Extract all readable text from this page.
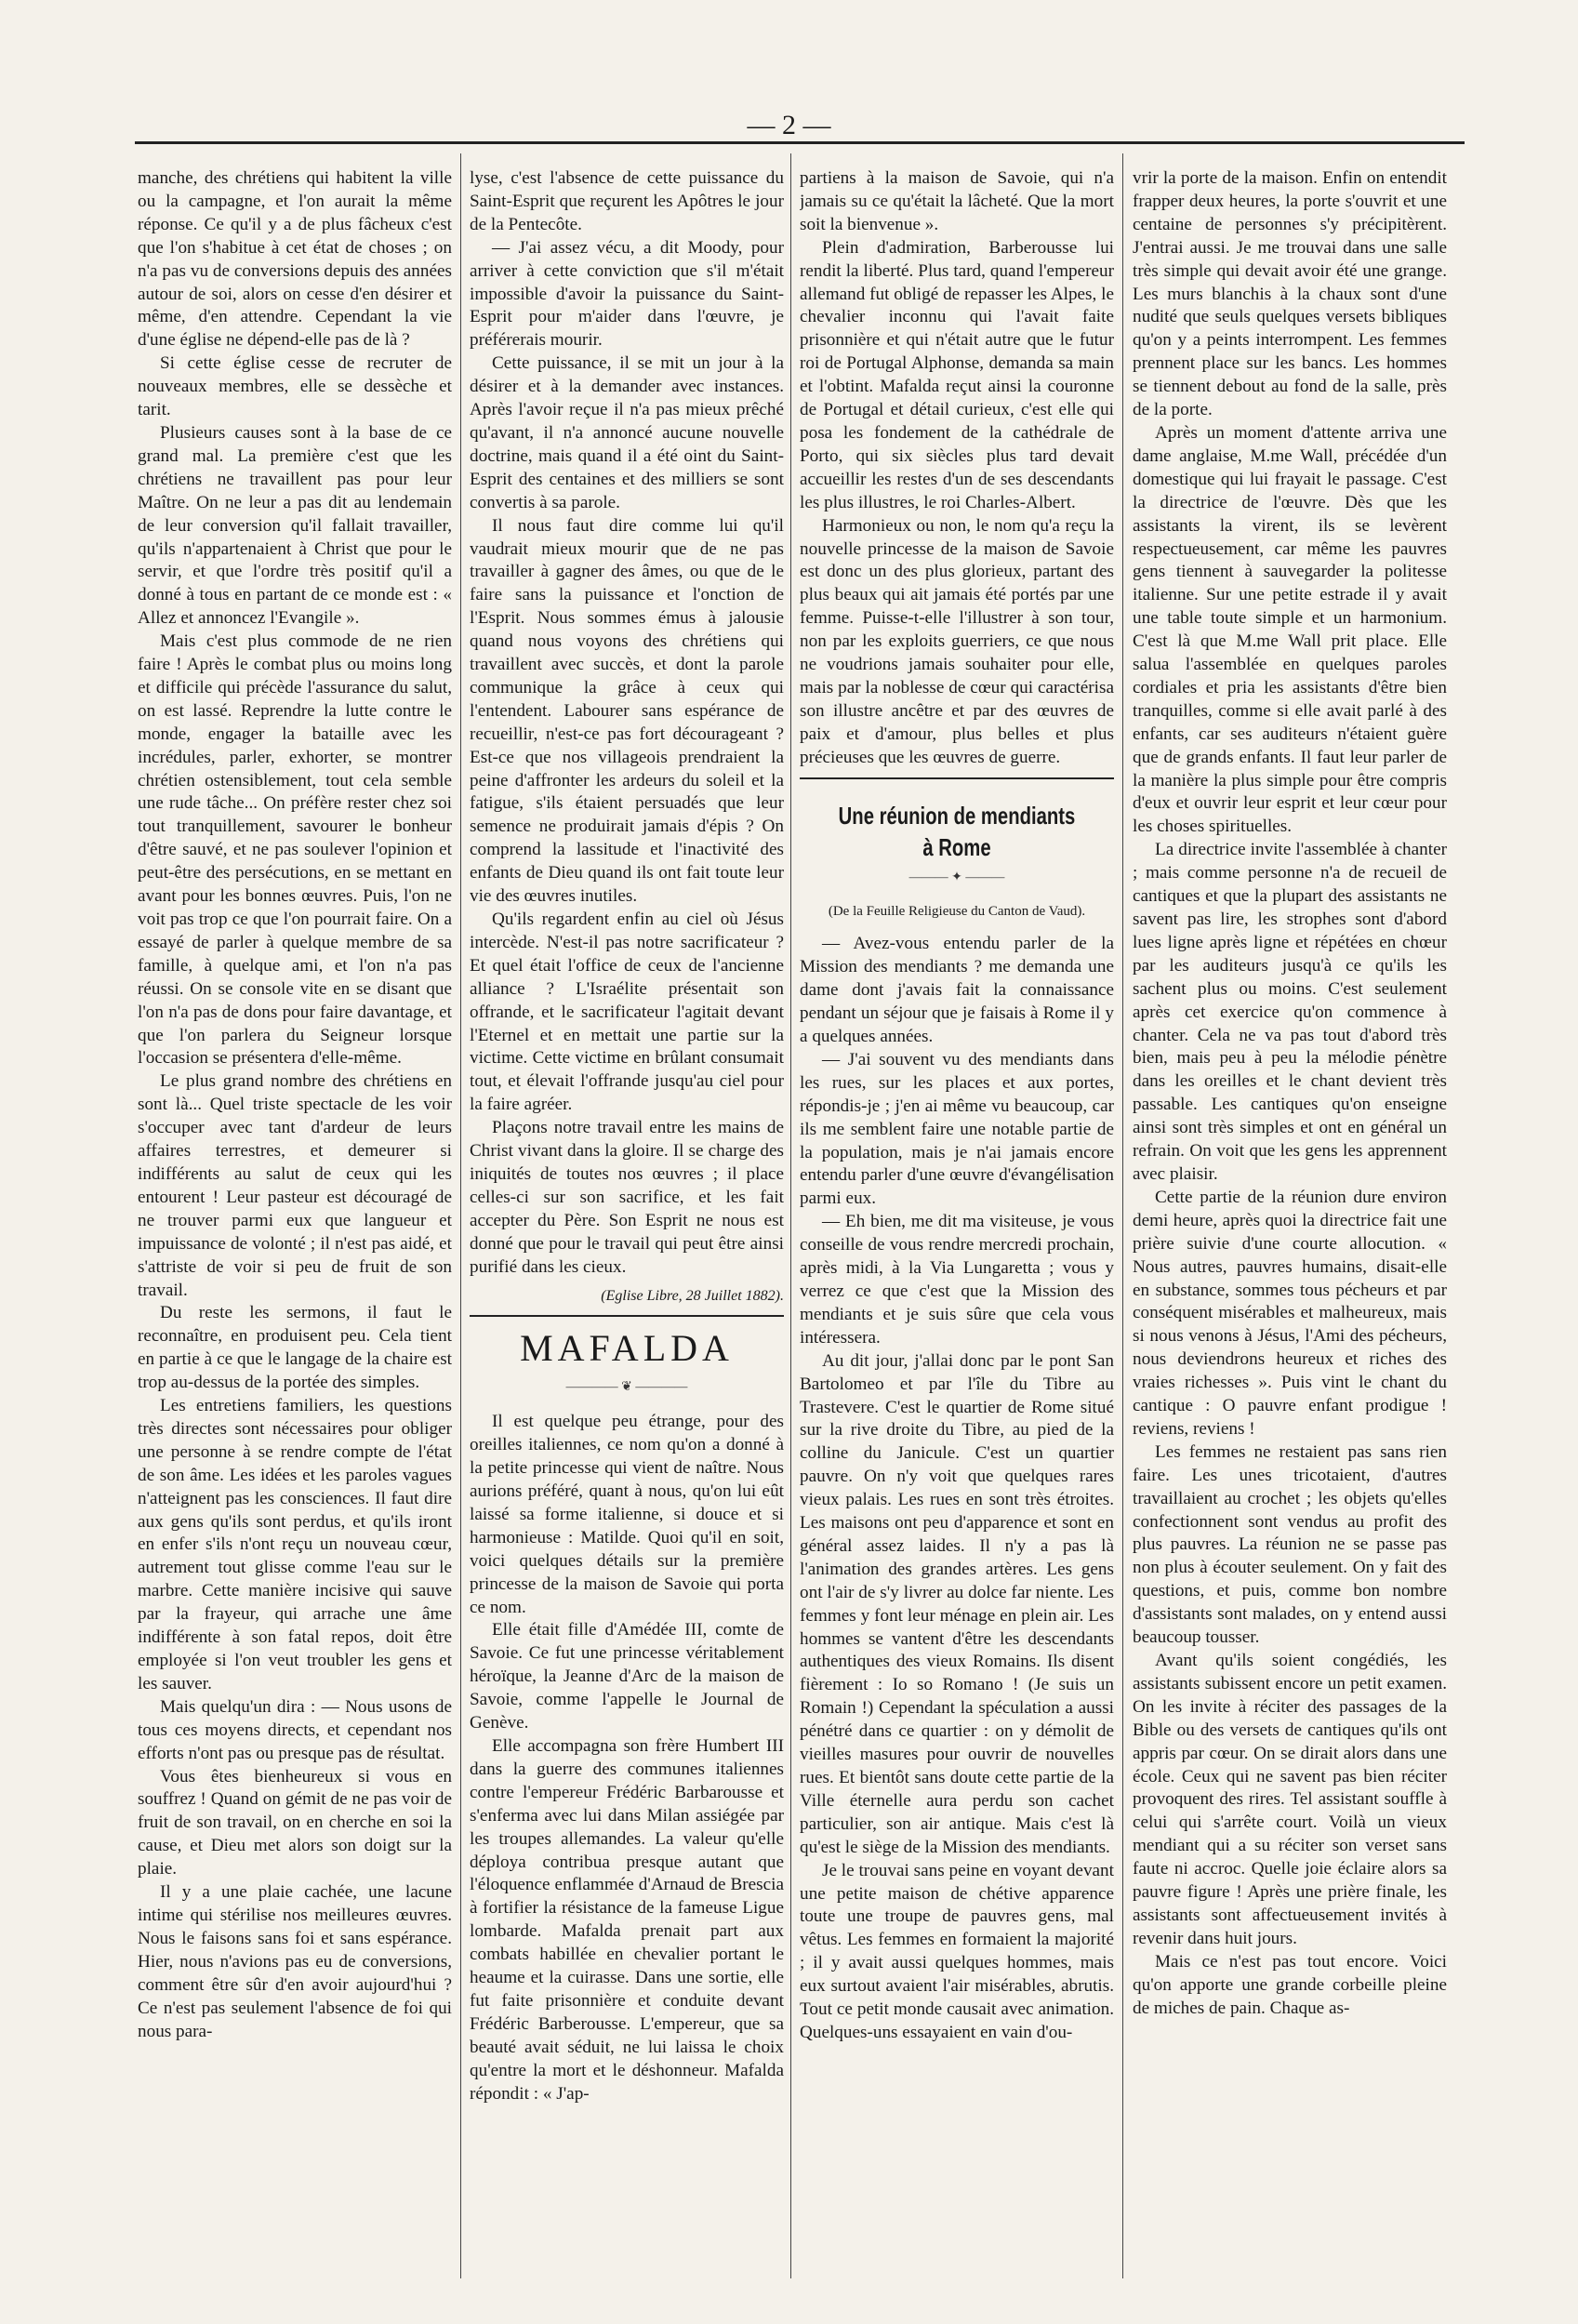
— 2 —

manche, des chrétiens qui habitent la ville ou la campagne, et l'on aurait la même réponse. Ce qu'il y a de plus fâcheux c'est que l'on s'habitue à cet état de choses ; on n'a pas vu de conversions depuis des années autour de soi, alors on cesse d'en désirer et même, d'en attendre. Cependant la vie d'une église ne dépend-elle pas de là ?

Si cette église cesse de recruter de nouveaux membres, elle se dessèche et tarit.

Plusieurs causes sont à la base de ce grand mal. La première c'est que les chrétiens ne travaillent pas pour leur Maître. On ne leur a pas dit au lendemain de leur conversion qu'il fallait travailler, qu'ils n'appartenaient à Christ que pour le servir, et que l'ordre très positif qu'il a donné à tous en partant de ce monde est : « Allez et annoncez l'Evangile ».

Mais c'est plus commode de ne rien faire ! Après le combat plus ou moins long et difficile qui précède l'assurance du salut, on est lassé. Reprendre la lutte contre le monde, engager la bataille avec les incrédules, parler, exhorter, se montrer chrétien ostensiblement, tout cela semble une rude tâche... On préfère rester chez soi tout tranquillement, savourer le bonheur d'être sauvé, et ne pas soulever l'opinion et peut-être des persécutions, en se mettant en avant pour les bonnes œuvres. Puis, l'on ne voit pas trop ce que l'on pourrait faire. On a essayé de parler à quelque membre de sa famille, à quelque ami, et l'on n'a pas réussi. On se console vite en se disant que l'on n'a pas de dons pour faire davantage, et que l'on parlera du Seigneur lorsque l'occasion se présentera d'elle-même.

Le plus grand nombre des chrétiens en sont là... Quel triste spectacle de les voir s'occuper avec tant d'ardeur de leurs affaires terrestres, et demeurer si indifférents au salut de ceux qui les entourent ! Leur pasteur est découragé de ne trouver parmi eux que langueur et impuissance de volonté ; il n'est pas aidé, et s'attriste de voir si peu de fruit de son travail.

Du reste les sermons, il faut le reconnaître, en produisent peu. Cela tient en partie à ce que le langage de la chaire est trop au-dessus de la portée des simples.

Les entretiens familiers, les questions très directes sont nécessaires pour obliger une personne à se rendre compte de l'état de son âme. Les idées et les paroles vagues n'atteignent pas les consciences. Il faut dire aux gens qu'ils sont perdus, et qu'ils iront en enfer s'ils n'ont reçu un nouveau cœur, autrement tout glisse comme l'eau sur le marbre. Cette manière incisive qui sauve par la frayeur, qui arrache une âme indifférente à son fatal repos, doit être employée si l'on veut troubler les gens et les sauver.

Mais quelqu'un dira : — Nous usons de tous ces moyens directs, et cependant nos efforts n'ont pas ou presque pas de résultat.

Vous êtes bienheureux si vous en souffrez ! Quand on gémit de ne pas voir de fruit de son travail, on en cherche en soi la cause, et Dieu met alors son doigt sur la plaie.

Il y a une plaie cachée, une lacune intime qui stérilise nos meilleures œuvres. Nous le faisons sans foi et sans espérance. Hier, nous n'avions pas eu de conversions, comment être sûr d'en avoir aujourd'hui ? Ce n'est pas seulement l'absence de foi qui nous para-

lyse, c'est l'absence de cette puissance du Saint-Esprit que reçurent les Apôtres le jour de la Pentecôte.

— J'ai assez vécu, a dit Moody, pour arriver à cette conviction que s'il m'était impossible d'avoir la puissance du Saint-Esprit pour m'aider dans l'œuvre, je préférerais mourir.

Cette puissance, il se mit un jour à la désirer et à la demander avec instances. Après l'avoir reçue il n'a pas mieux prêché qu'avant, il n'a annoncé aucune nouvelle doctrine, mais quand il a été oint du Saint-Esprit des centaines et des milliers se sont convertis à sa parole.

Il nous faut dire comme lui qu'il vaudrait mieux mourir que de ne pas travailler à gagner des âmes, ou que de le faire sans la puissance et l'onction de l'Esprit. Nous sommes émus à jalousie quand nous voyons des chrétiens qui travaillent avec succès, et dont la parole communique la grâce à ceux qui l'entendent. Labourer sans espérance de recueillir, n'est-ce pas fort décourageant ? Est-ce que nos villageois prendraient la peine d'affronter les ardeurs du soleil et la fatigue, s'ils étaient persuadés que leur semence ne produirait jamais d'épis ? On comprend la lassitude et l'inactivité des enfants de Dieu quand ils ont fait toute leur vie des œuvres inutiles.

Qu'ils regardent enfin au ciel où Jésus intercède. N'est-il pas notre sacrificateur ? Et quel était l'office de ceux de l'ancienne alliance ? L'Israélite présentait son offrande, et le sacrificateur l'agitait devant l'Eternel et en mettait une partie sur la victime. Cette victime en brûlant consumait tout, et élevait l'offrande jusqu'au ciel pour la faire agréer.

Plaçons notre travail entre les mains de Christ vivant dans la gloire. Il se charge des iniquités de toutes nos œuvres ; il place celles-ci sur son sacrifice, et les fait accepter du Père. Son Esprit ne nous est donné que pour le travail qui peut être ainsi purifié dans les cieux.

(Eglise Libre, 28 Juillet 1882).
MAFALDA
———— ❦ ————

Il est quelque peu étrange, pour des oreilles italiennes, ce nom qu'on a donné à la petite princesse qui vient de naître. Nous aurions préféré, quant à nous, qu'on lui eût laissé sa forme italienne, si douce et si harmonieuse : Matilde. Quoi qu'il en soit, voici quelques détails sur la première princesse de la maison de Savoie qui porta ce nom.

Elle était fille d'Amédée III, comte de Savoie. Ce fut une princesse véritablement héroïque, la Jeanne d'Arc de la maison de Savoie, comme l'appelle le Journal de Genève.

Elle accompagna son frère Humbert III dans la guerre des communes italiennes contre l'empereur Frédéric Barbarousse et s'enferma avec lui dans Milan assiégée par les troupes allemandes. La valeur qu'elle déploya contribua presque autant que l'éloquence enflammée d'Arnaud de Brescia à fortifier la résistance de la fameuse Ligue lombarde. Mafalda prenait part aux combats habillée en chevalier portant le heaume et la cuirasse. Dans une sortie, elle fut faite prisonnière et conduite devant Frédéric Barberousse. L'empereur, que sa beauté avait séduit, ne lui laissa le choix qu'entre la mort et le déshonneur. Mafalda répondit : « J'ap-

partiens à la maison de Savoie, qui n'a jamais su ce qu'était la lâcheté. Que la mort soit la bienvenue ».

Plein d'admiration, Barberousse lui rendit la liberté. Plus tard, quand l'empereur allemand fut obligé de repasser les Alpes, le chevalier inconnu qui l'avait faite prisonnière et qui n'était autre que le futur roi de Portugal Alphonse, demanda sa main et l'obtint. Mafalda reçut ainsi la couronne de Portugal et détail curieux, c'est elle qui posa les fondement de la cathédrale de Porto, qui six siècles plus tard devait accueillir les restes d'un de ses descendants les plus illustres, le roi Charles-Albert.

Harmonieux ou non, le nom qu'a reçu la nouvelle princesse de la maison de Savoie est donc un des plus glorieux, partant des plus beaux qui ait jamais été portés par une femme. Puisse-t-elle l'illustrer à son tour, non par les exploits guerriers, ce que nous ne voudrions jamais souhaiter pour elle, mais par la noblesse de cœur qui caractérisa son illustre ancêtre et par des œuvres de paix et d'amour, plus belles et plus précieuses que les œuvres de guerre.

Une réunion de mendiants à Rome
——— ✦ ———
(De la Feuille Religieuse du Canton de Vaud).

— Avez-vous entendu parler de la Mission des mendiants ? me demanda une dame dont j'avais fait la connaissance pendant un séjour que je faisais à Rome il y a quelques années.

— J'ai souvent vu des mendiants dans les rues, sur les places et aux portes, répondis-je ; j'en ai même vu beaucoup, car ils me semblent faire une notable partie de la population, mais je n'ai jamais encore entendu parler d'une œuvre d'évangélisation parmi eux.

— Eh bien, me dit ma visiteuse, je vous conseille de vous rendre mercredi prochain, après midi, à la Via Lungaretta ; vous y verrez ce que c'est que la Mission des mendiants et je suis sûre que cela vous intéressera.

Au dit jour, j'allai donc par le pont San Bartolomeo et par l'île du Tibre au Trastevere. C'est le quartier de Rome situé sur la rive droite du Tibre, au pied de la colline du Janicule. C'est un quartier pauvre. On n'y voit que quelques rares vieux palais. Les rues en sont très étroites. Les maisons ont peu d'apparence et sont en général assez laides. Il n'y a pas là l'animation des grandes artères. Les gens ont l'air de s'y livrer au dolce far niente. Les femmes y font leur ménage en plein air. Les hommes se vantent d'être les descendants authentiques des vieux Romains. Ils disent fièrement : Io so Romano ! (Je suis un Romain !) Cependant la spéculation a aussi pénétré dans ce quartier : on y démolit de vieilles masures pour ouvrir de nouvelles rues. Et bientôt sans doute cette partie de la Ville éternelle aura perdu son cachet particulier, son air antique. Mais c'est là qu'est le siège de la Mission des mendiants.

Je le trouvai sans peine en voyant devant une petite maison de chétive apparence toute une troupe de pauvres gens, mal vêtus. Les femmes en formaient la majorité ; il y avait aussi quelques hommes, mais eux surtout avaient l'air misérables, abrutis. Tout ce petit monde causait avec animation. Quelques-uns essayaient en vain d'ou-

vrir la porte de la maison. Enfin on entendit frapper deux heures, la porte s'ouvrit et une centaine de personnes s'y précipitèrent. J'entrai aussi. Je me trouvai dans une salle très simple qui devait avoir été une grange. Les murs blanchis à la chaux sont d'une nudité que seuls quelques versets bibliques qu'on y a peints interrompent. Les femmes prennent place sur les bancs. Les hommes se tiennent debout au fond de la salle, près de la porte.

Après un moment d'attente arriva une dame anglaise, M.me Wall, précédée d'un domestique qui lui frayait le passage. C'est la directrice de l'œuvre. Dès que les assistants la virent, ils se levèrent respectueusement, car même les pauvres gens tiennent à sauvegarder la politesse italienne. Sur une petite estrade il y avait une table toute simple et un harmonium. C'est là que M.me Wall prit place. Elle salua l'assemblée en quelques paroles cordiales et pria les assistants d'être bien tranquilles, comme si elle avait parlé à des enfants, car ses auditeurs n'étaient guère que de grands enfants. Il faut leur parler de la manière la plus simple pour être compris d'eux et ouvrir leur esprit et leur cœur pour les choses spirituelles.

La directrice invite l'assemblée à chanter ; mais comme personne n'a de recueil de cantiques et que la plupart des assistants ne savent pas lire, les strophes sont d'abord lues ligne après ligne et répétées en chœur par les auditeurs jusqu'à ce qu'ils les sachent plus ou moins. C'est seulement après cet exercice qu'on commence à chanter. Cela ne va pas tout d'abord très bien, mais peu à peu la mélodie pénètre dans les oreilles et le chant devient très passable. Les cantiques qu'on enseigne ainsi sont très simples et ont en général un refrain. On voit que les gens les apprennent avec plaisir.

Cette partie de la réunion dure environ demi heure, après quoi la directrice fait une prière suivie d'une courte allocution. « Nous autres, pauvres humains, disait-elle en substance, sommes tous pécheurs et par conséquent misérables et malheureux, mais si nous venons à Jésus, l'Ami des pécheurs, nous deviendrons heureux et riches des vraies richesses ». Puis vint le chant du cantique : O pauvre enfant prodigue ! reviens, reviens !

Les femmes ne restaient pas sans rien faire. Les unes tricotaient, d'autres travaillaient au crochet ; les objets qu'elles confectionnent sont vendus au profit des plus pauvres. La réunion ne se passe pas non plus à écouter seulement. On y fait des questions, et puis, comme bon nombre d'assistants sont malades, on y entend aussi beaucoup tousser.

Avant qu'ils soient congédiés, les assistants subissent encore un petit examen. On les invite à réciter des passages de la Bible ou des versets de cantiques qu'ils ont appris par cœur. On se dirait alors dans une école. Ceux qui ne savent pas bien réciter provoquent des rires. Tel assistant souffle à celui qui s'arrête court. Voilà un vieux mendiant qui a su réciter son verset sans faute ni accroc. Quelle joie éclaire alors sa pauvre figure ! Après une prière finale, les assistants sont affectueusement invités à revenir dans huit jours.

Mais ce n'est pas tout encore. Voici qu'on apporte une grande corbeille pleine de miches de pain. Chaque as-
